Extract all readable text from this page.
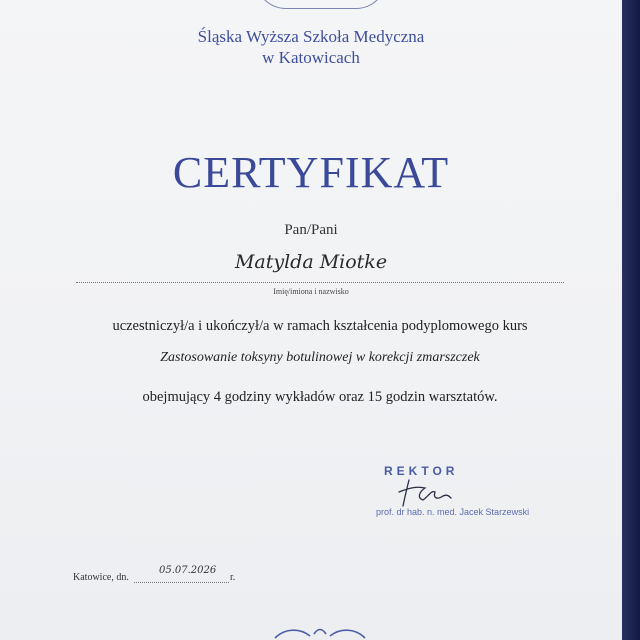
Śląska Wyższa Szkoła Medyczna
w Katowicach
CERTYFIKAT
Pan/Pani
Matylda Miotke
Imię/imiona i nazwisko
uczestniczył/a i ukończył/a w ramach kształcenia podyplomowego kurs
Zastosowanie toksyny botulinowej w korekcji zmarszczek
obejmujący 4 godziny wykładów oraz 15 godzin warsztatów.
REKTOR
prof. dr hab. n. med. Jacek Starzewski
Katowice, dn.
05.07.2026
r.
